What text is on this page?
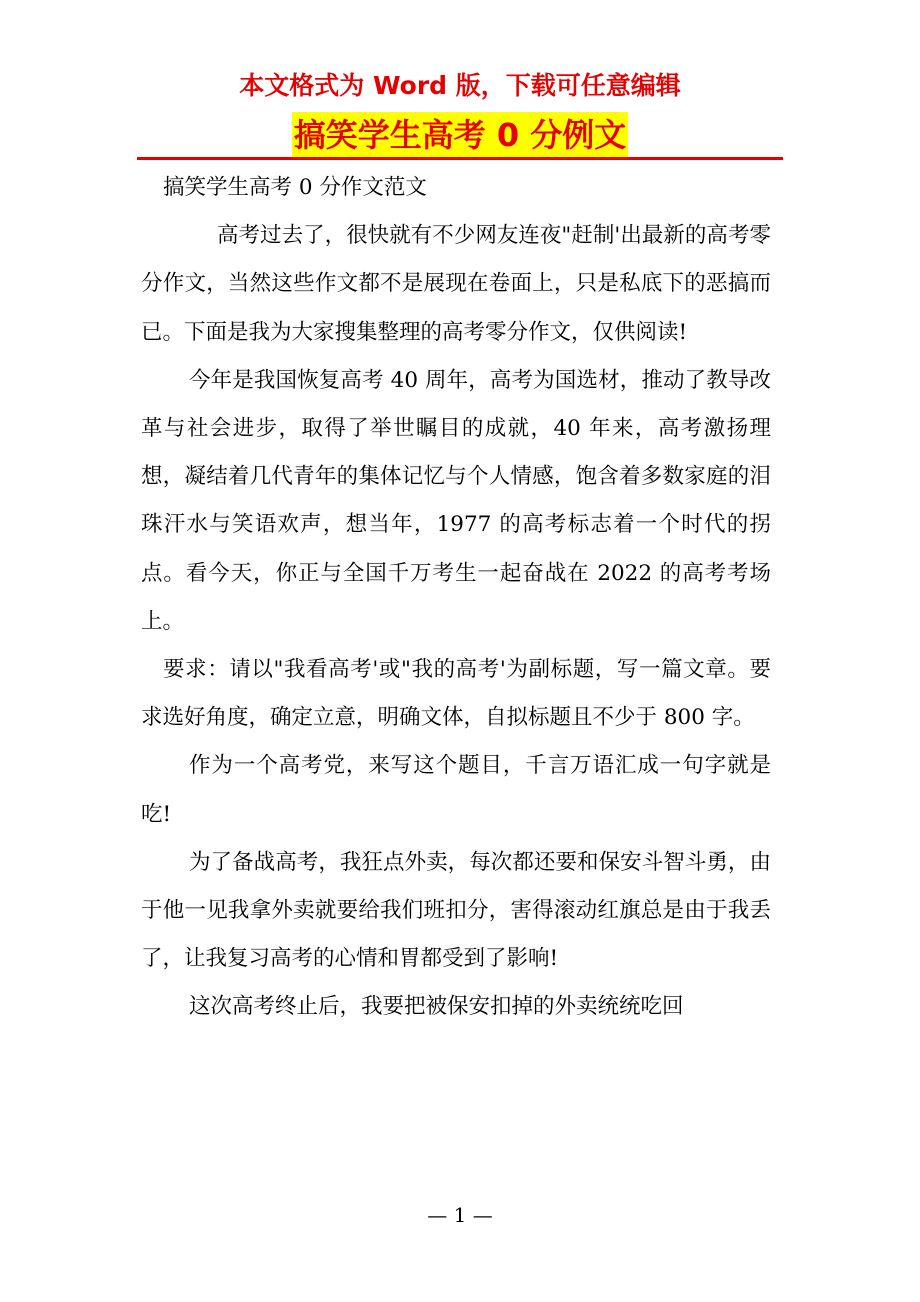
本文格式为 Word 版，下载可任意编辑
搞笑学生高考 0 分例文

搞笑学生高考 0 分作文范文

高考过去了，很快就有不少网友连夜"赶制'出最新的高考零分作文，当然这些作文都不是展现在卷面上，只是私底下的恶搞而已。下面是我为大家搜集整理的高考零分作文，仅供阅读!

今年是我国恢复高考 40 周年，高考为国选材，推动了教导改革与社会进步，取得了举世瞩目的成就，40 年来，高考激扬理想，凝结着几代青年的集体记忆与个人情感，饱含着多数家庭的泪珠汗水与笑语欢声，想当年，1977 的高考标志着一个时代的拐点。看今天，你正与全国千万考生一起奋战在 2022 的高考考场上。

要求：请以"我看高考'或"我的高考'为副标题，写一篇文章。要求选好角度，确定立意，明确文体，自拟标题且不少于 800 字。

作为一个高考党，来写这个题目，千言万语汇成一句字就是吃!

为了备战高考，我狂点外卖，每次都还要和保安斗智斗勇，由于他一见我拿外卖就要给我们班扣分，害得滚动红旗总是由于我丢了，让我复习高考的心情和胃都受到了影响!

这次高考终止后，我要把被保安扣掉的外卖统统吃回

— 1 —
